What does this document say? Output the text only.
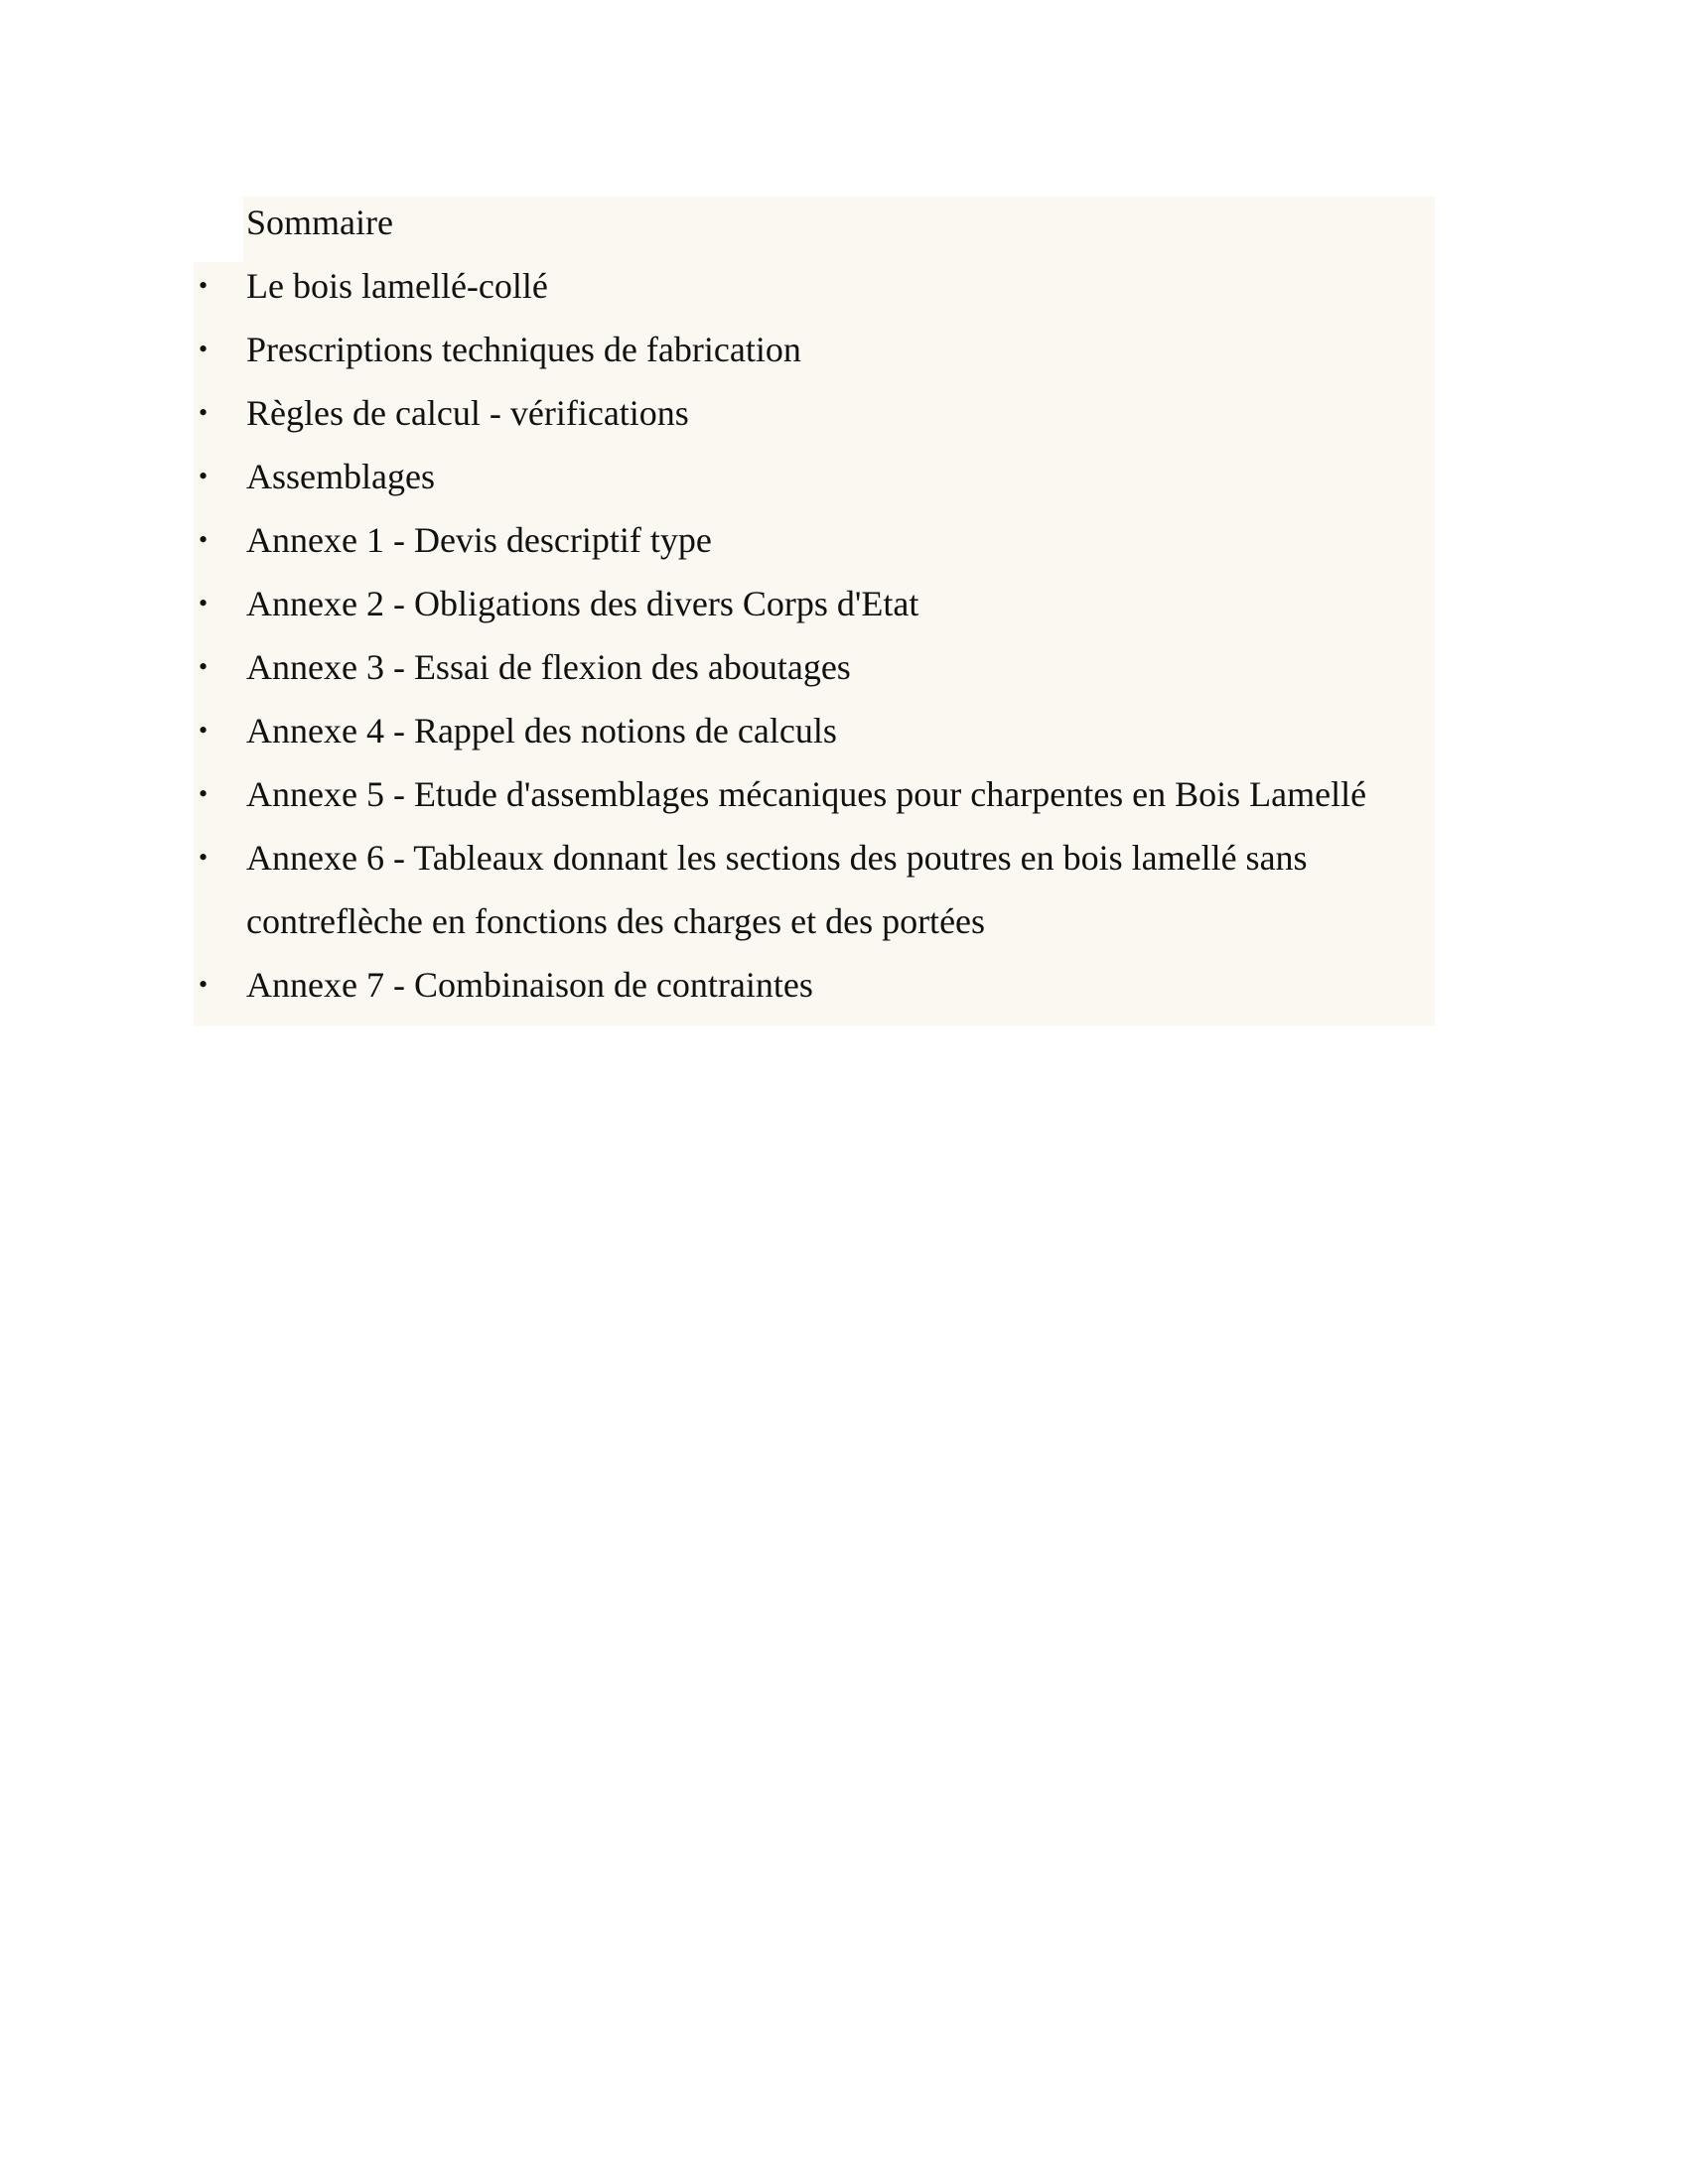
Sommaire
• Le bois lamellé-collé
• Prescriptions techniques de fabrication
• Règles de calcul - vérifications
• Assemblages
• Annexe 1 - Devis descriptif type
• Annexe 2 - Obligations des divers Corps d'Etat
• Annexe 3 - Essai de flexion des aboutages
• Annexe 4 - Rappel des notions de calculs
• Annexe 5 - Etude d'assemblages mécaniques pour charpentes en Bois Lamellé
• Annexe 6 - Tableaux donnant les sections des poutres en bois lamellé sans contreflèche en fonctions des charges et des portées
• Annexe 7 - Combinaison de contraintes
